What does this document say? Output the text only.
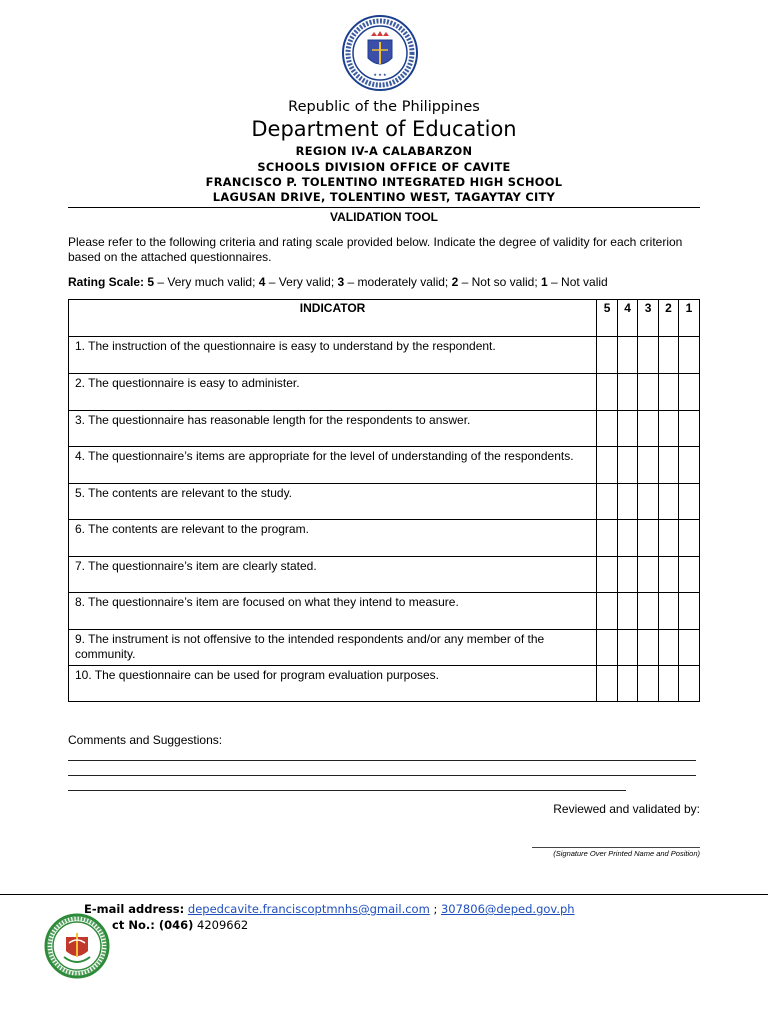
★ ★ ★
Republic of the Philippines
Department of Education
REGION IV-A CALABARZON
SCHOOLS DIVISION OFFICE OF CAVITE
FRANCISCO P. TOLENTINO INTEGRATED HIGH SCHOOL
LAGUSAN DRIVE, TOLENTINO WEST, TAGAYTAY CITY
VALIDATION TOOL
Please refer to the following criteria and rating scale provided below. Indicate the degree of validity for each criterion based on the attached questionnaires.
Rating Scale: 5 – Very much valid; 4 – Very valid; 3 – moderately valid; 2 – Not so valid; 1 – Not valid
INDICATOR	5	4	3	2	1
1. The instruction of the questionnaire is easy to understand by the respondent.					
2. The questionnaire is easy to administer.					
3. The questionnaire has reasonable length for the respondents to answer.					
4. The questionnaire’s items are appropriate for the level of understanding of the respondents.					
5. The contents are relevant to the study.					
6. The contents are relevant to the program.					
7. The questionnaire’s item are clearly stated.					
8. The questionnaire’s item are focused on what they intend to measure.					
9. The instrument is not offensive to the intended respondents and/or any member of the community.					
10. The questionnaire can be used for program evaluation purposes.					
Comments and Suggestions:
Reviewed and validated by:
(Signature Over Printed Name and Position)
E-mail address: depedcavite.franciscoptmnhs@gmail.com ; 307806@deped.gov.ph
ct No.: (046) 4209662
